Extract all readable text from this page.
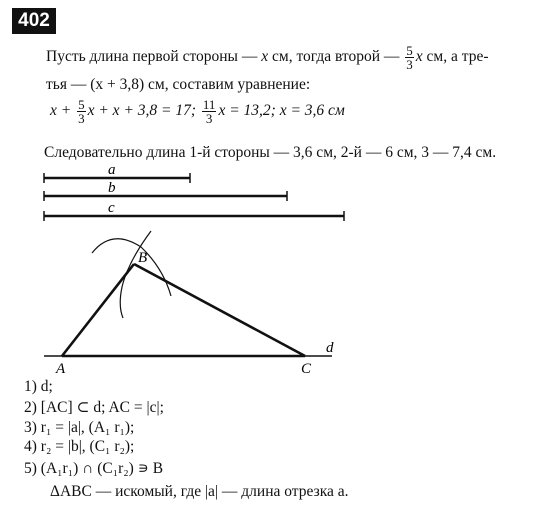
402
Пусть длина первой стороны — x см, тогда второй — $\frac{5}{3}$ x см, а тре-
тья — (x + 3,8) см, составим уравнение:
$x + \frac{5}{3}$ x + x + 3,8 = 17; $\frac{11}{3}$ x = 13,2; x = 3,6 см
Следовательно длина 1-й стороны — 3,6 см, 2-й — 6 см, 3 — 7,4 см.
a
b
c
d
A
B
C
1) d;
2) [AC] ⊂ d; AC = |c|;
3) r₁ = |a|, (A₁ r₁);
4) r₂ = |b|, (C₁ r₂);
5) (A₁r₁) ∩ (C₁r₂) ∍ B
ΔABC — искомый, где |a| — длина отрезка a.
